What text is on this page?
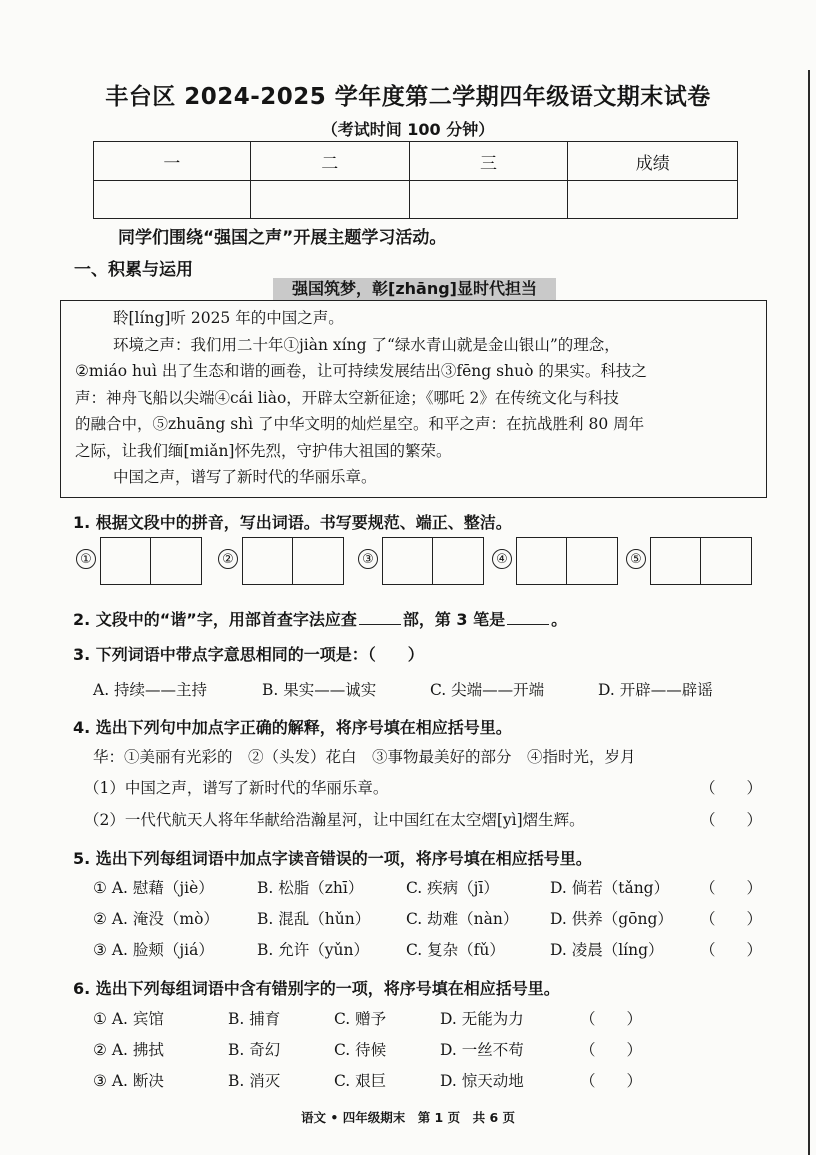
丰台区 2024-2025 学年度第二学期四年级语文期末试卷
（考试时间 100 分钟）
一	二	三	成绩

同学们围绕“强国之声”开展主题学习活动。
一、积累与运用
强国筑梦，彰[zhāng]显时代担当

聆[líng]听 2025 年的中国之声。

环境之声：我们用二十年①jiàn xíng 了“绿水青山就是金山银山”的理念，

②miáo huì 出了生态和谐的画卷，让可持续发展结出③fēng shuò 的果实。科技之

声：神舟飞船以尖端④cái liào，开辟太空新征途；《哪吒 2》在传统文化与科技

的融合中，⑤zhuāng shì 了中华文明的灿烂星空。和平之声：在抗战胜利 80 周年

之际，让我们缅[miǎn]怀先烈，守护伟大祖国的繁荣。

中国之声，谱写了新时代的华丽乐章。

1. 根据文段中的拼音，写出词语。书写要规范、端正、整洁。
①	②	③	④	⑤
2. 文段中的“谐”字，用部首查字法应查	部，第 3 笔是	。
3. 下列词语中带点字意思相同的一项是：（　　）
A. 持续——主持	B. 果实——诚实	C. 尖端——开端	D. 开辟——辟谣
4. 选出下列句中加点字正确的解释，将序号填在相应括号里。
华：①美丽有光彩的　②（头发）花白　③事物最美好的部分　④指时光，岁月
（1）中国之声，谱写了新时代的华丽乐章。	（　　）
（2）一代代航天人将年华献给浩瀚星河，让中国红在太空熠[yì]熠生辉。	（　　）
5. 选出下列每组词语中加点字读音错误的一项，将序号填在相应括号里。
① A. 慰藉（jiè）	B. 松脂（zhī）	C. 疾病（jī）	D. 倘若（tǎng） （　　）
② A. 淹没（mò） B. 混乱（hǔn） C. 劫难（nàn） D. 供养（gōng） （　　）
③ A. 脸颊（jiá）	B. 允许（yǔn） C. 复杂（fǔ）	D. 凌晨（líng） （　　）
6. 选出下列每组词语中含有错别字的一项，将序号填在相应括号里。
① A. 宾馆	B. 捕育	C. 赠予	D. 无能为力	（　　）
② A. 拂拭	B. 奇幻	C. 待候	D. 一丝不苟	（　　）
③ A. 断决	B. 消灭	C. 艰巨	D. 惊天动地	（　　）
语文 • 四年级期末　第 1 页　共 6 页
